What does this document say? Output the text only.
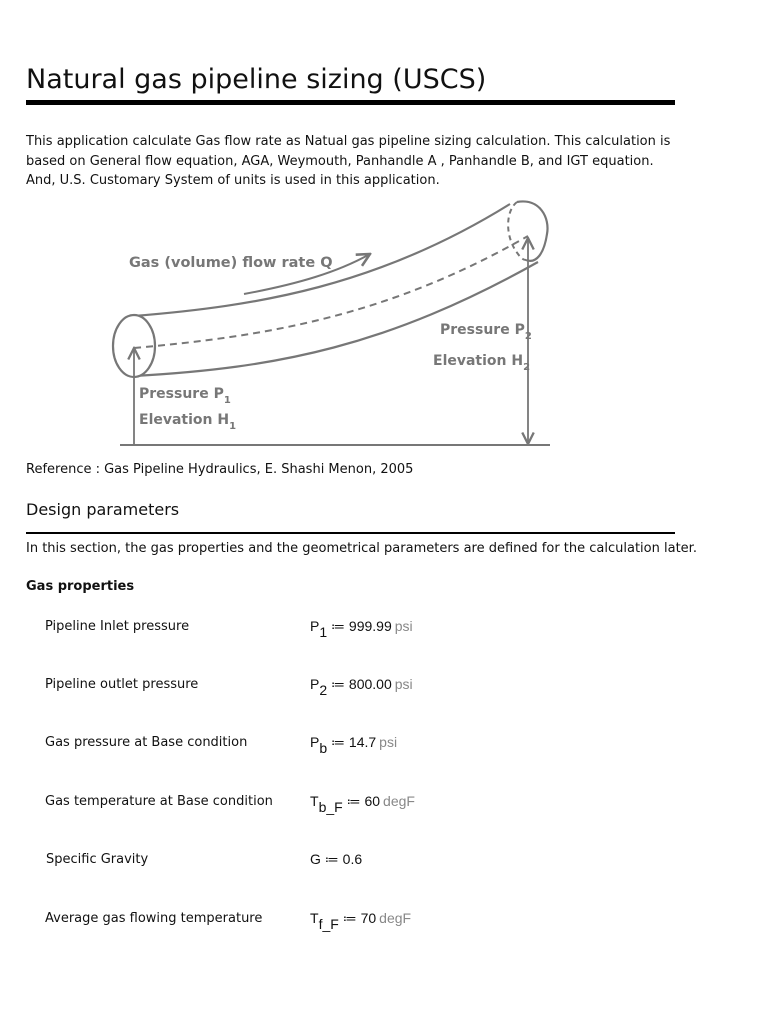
Natural gas pipeline sizing (USCS)

This application calculate Gas flow rate as Natual gas pipeline sizing calculation. This calculation is

based on General flow equation, AGA, Weymouth, Panhandle A , Panhandle B, and IGT equation.

And, U.S. Customary System of units is used in this application.

Gas (volume) flow rate Q
Pressure $P_2$
Elevation $H_2$
Pressure $P_1$
Elevation $H_1$
Reference : Gas Pipeline Hydraulics, E. Shashi Menon, 2005
Design parameters
In this section, the gas properties and the geometrical parameters are defined for the calculation later.
Gas properties
Pipeline Inlet pressure	$P_1$ ≔ 999.99 psi
Pipeline outlet pressure	$P_2$ ≔ 800.00 psi
Gas pressure at Base condition	$P_b$ ≔ 14.7 psi
Gas temperature at Base condition	$T_{b\_F}$ ≔ 60 degF
Specific Gravity	G ≔ 0.6
Average gas flowing temperature	$T_{f\_F}$ ≔ 70 degF
